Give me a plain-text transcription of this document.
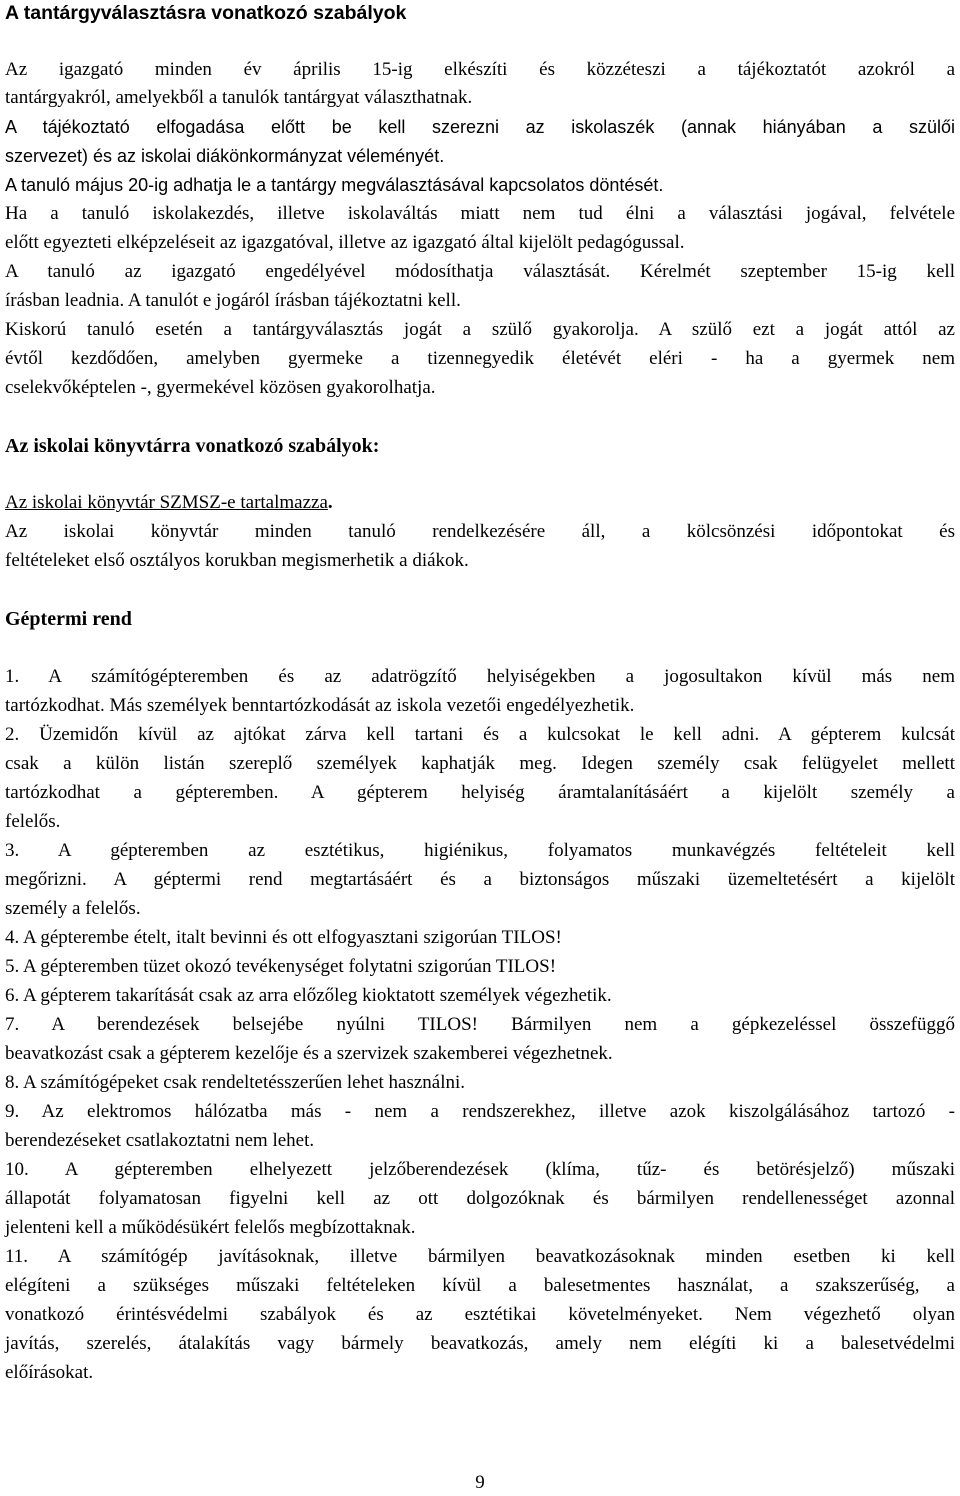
A tantárgyválasztásra vonatkozó szabályok
Az igazgató minden év április 15-ig elkészíti és közzéteszi a tájékoztatót azokról a
tantárgyakról, amelyekből a tanulók tantárgyat választhatnak.
A tájékoztató elfogadása előtt be kell szerezni az iskolaszék (annak hiányában a szülői
szervezet) és az iskolai diákönkormányzat véleményét.
A tanuló május 20-ig adhatja le a tantárgy megválasztásával kapcsolatos döntését.
Ha a tanuló iskolakezdés, illetve iskolaváltás miatt nem tud élni a választási jogával, felvétele
előtt egyezteti elképzeléseit az igazgatóval, illetve az igazgató által kijelölt pedagógussal.
A tanuló az igazgató engedélyével módosíthatja választását. Kérelmét szeptember 15-ig kell
írásban leadnia. A tanulót e jogáról írásban tájékoztatni kell.
Kiskorú tanuló esetén a tantárgyválasztás jogát a szülő gyakorolja. A szülő ezt a jogát attól az
évtől kezdődően, amelyben gyermeke a tizennegyedik életévét eléri - ha a gyermek nem
cselekvőképtelen -, gyermekével közösen gyakorolhatja.
Az iskolai könyvtárra vonatkozó szabályok:
Az iskolai könyvtár SZMSZ-e tartalmazza.
Az iskolai könyvtár minden tanuló rendelkezésére áll, a kölcsönzési időpontokat és
feltételeket első osztályos korukban megismerhetik a diákok.
Géptermi rend
1. A számítógépteremben és az adatrögzítő helyiségekben a jogosultakon kívül más nem
tartózkodhat. Más személyek benntartózkodását az iskola vezetői engedélyezhetik.
2. Üzemidőn kívül az ajtókat zárva kell tartani és a kulcsokat le kell adni. A gépterem kulcsát
csak a külön listán szereplő személyek kaphatják meg. Idegen személy csak felügyelet mellett
tartózkodhat a gépteremben. A gépterem helyiség áramtalanításáért a kijelölt személy a
felelős.
3. A gépteremben az esztétikus, higiénikus, folyamatos munkavégzés feltételeit kell
megőrizni. A géptermi rend megtartásáért és a biztonságos műszaki üzemeltetésért a kijelölt
személy a felelős.
4. A gépterembe ételt, italt bevinni és ott elfogyasztani szigorúan TILOS!
5. A gépteremben tüzet okozó tevékenységet folytatni szigorúan TILOS!
6. A gépterem takarítását csak az arra előzőleg kioktatott személyek végezhetik.
7. A berendezések belsejébe nyúlni TILOS! Bármilyen nem a gépkezeléssel összefüggő
beavatkozást csak a gépterem kezelője és a szervizek szakemberei végezhetnek.
8. A számítógépeket csak rendeltetésszerűen lehet használni.
9. Az elektromos hálózatba más - nem a rendszerekhez, illetve azok kiszolgálásához tartozó -
berendezéseket csatlakoztatni nem lehet.
10. A gépteremben elhelyezett jelzőberendezések (klíma, tűz- és betörésjelző) műszaki
állapotát folyamatosan figyelni kell az ott dolgozóknak és bármilyen rendellenességet azonnal
jelenteni kell a működésükért felelős megbízottaknak.
11. A számítógép javításoknak, illetve bármilyen beavatkozásoknak minden esetben ki kell
elégíteni a szükséges műszaki feltételeken kívül a balesetmentes használat, a szakszerűség, a
vonatkozó érintésvédelmi szabályok és az esztétikai követelményeket. Nem végezhető olyan
javítás, szerelés, átalakítás vagy bármely beavatkozás, amely nem elégíti ki a balesetvédelmi
előírásokat.
9
